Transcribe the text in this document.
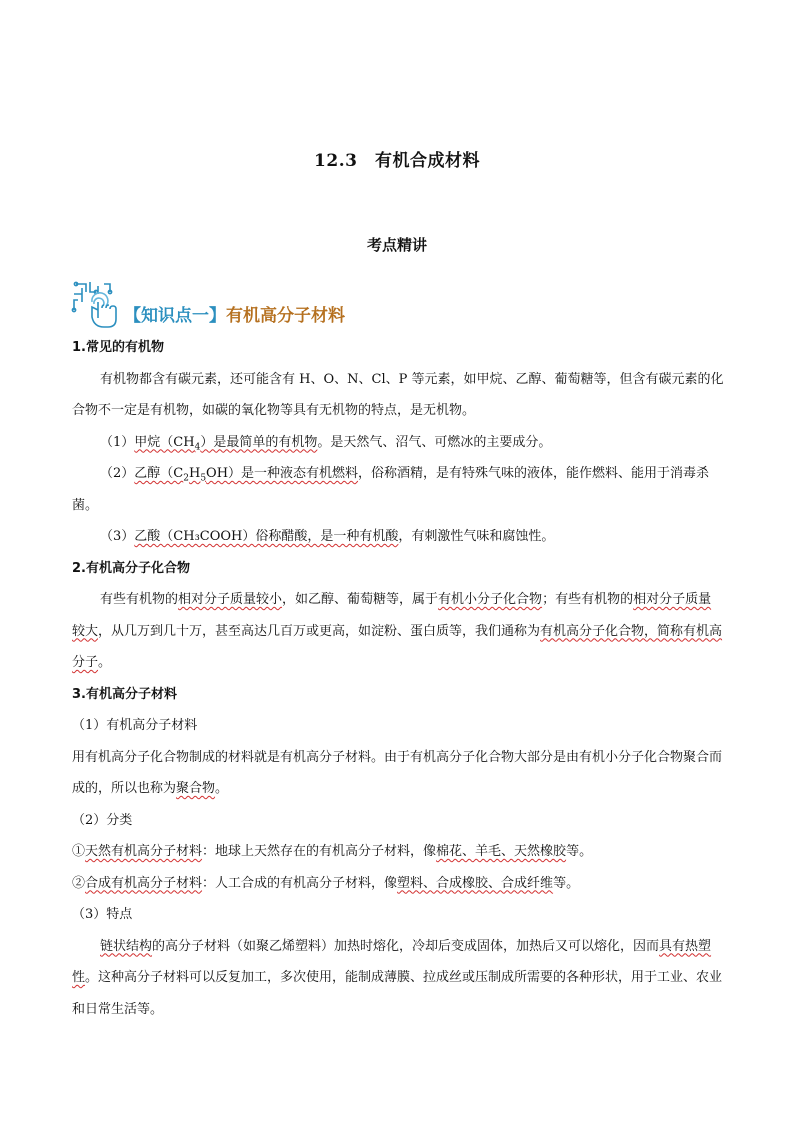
12.3　有机合成材料
考点精讲
【知识点一】有机高分子材料

1.常见的有机物

有机物都含有碳元素，还可能含有 H、O、N、Cl、P 等元素，如甲烷、乙醇、葡萄糖等，但含有碳元素的化合物不一定是有机物，如碳的氧化物等具有无机物的特点，是无机物。

（1）甲烷$(CH_4)$是最简单的有机物。是天然气、沼气、可燃冰的主要成分。

（2）乙醇$(C_2H_5OH)$是一种液态有机燃料，俗称酒精，是有特殊气味的液体，能作燃料、能用于消毒杀菌。

（3）乙酸（CH₃COOH）俗称醋酸，是一种有机酸，有刺激性气味和腐蚀性。

2.有机高分子化合物

有些有机物的相对分子质量较小，如乙醇、葡萄糖等，属于有机小分子化合物；有些有机物的相对分子质量较大，从几万到几十万，甚至高达几百万或更高，如淀粉、蛋白质等，我们通称为有机高分子化合物，简称有机高分子。

3.有机高分子材料

（1）有机高分子材料

用有机高分子化合物制成的材料就是有机高分子材料。由于有机高分子化合物大部分是由有机小分子化合物聚合而成的，所以也称为聚合物。

（2）分类

①天然有机高分子材料：地球上天然存在的有机高分子材料，像棉花、羊毛、天然橡胶等。

②合成有机高分子材料：人工合成的有机高分子材料，像塑料、合成橡胶、合成纤维等。

（3）特点

链状结构的高分子材料（如聚乙烯塑料）加热时熔化，冷却后变成固体，加热后又可以熔化，因而具有热塑性。这种高分子材料可以反复加工，多次使用，能制成薄膜、拉成丝或压制成所需要的各种形状，用于工业、农业和日常生活等。
